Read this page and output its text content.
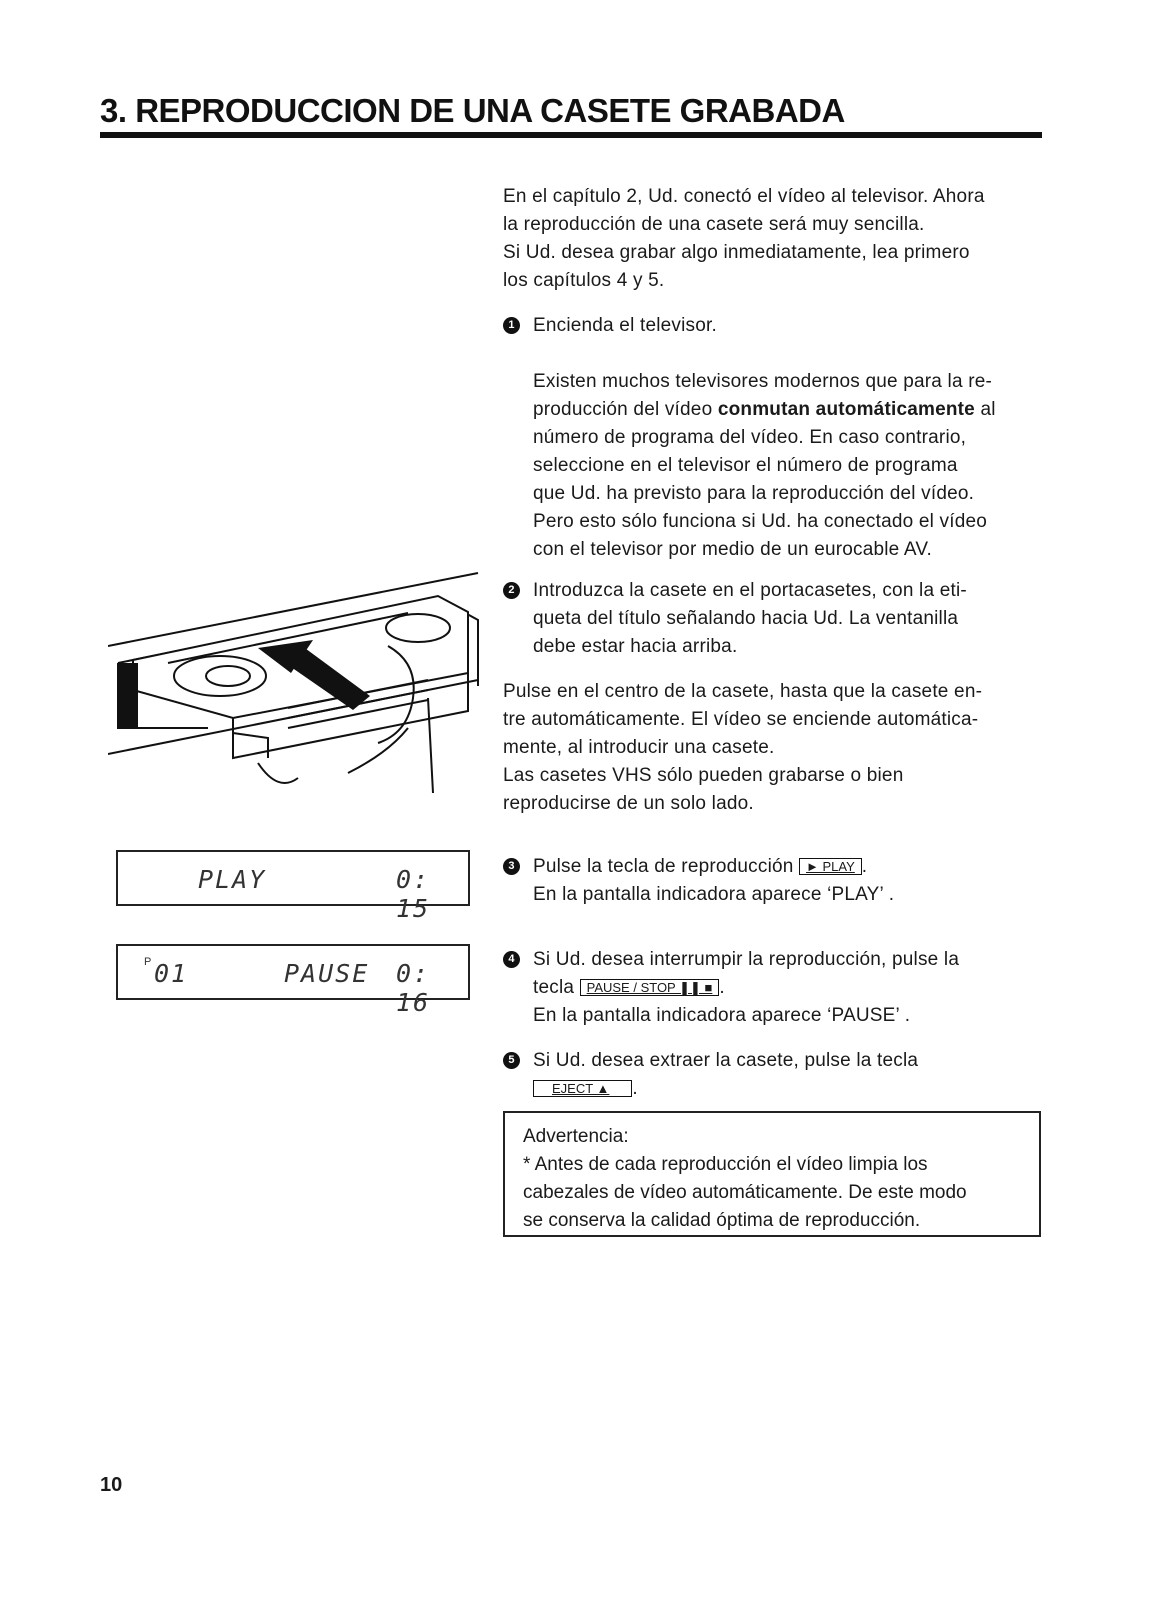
3. REPRODUCCION DE UNA CASETE GRABADA

En el capítulo 2, Ud. conectó el vídeo al televisor. Ahora

la reproducción de una casete será muy sencilla.

Si Ud. desea grabar algo inmediatamente, lea primero

los capítulos 4 y 5.

1 Encienda el televisor.

Existen muchos televisores modernos que para la re-

producción del vídeo conmutan automáticamente al

número de programa del vídeo. En caso contrario,

seleccione en el televisor el número de programa

que Ud. ha previsto para la reproducción del vídeo.

Pero esto sólo funciona si Ud. ha conectado el vídeo

con el televisor por medio de un eurocable AV.

2 Introduzca la casete en el portacasetes, con la eti-

queta del título señalando hacia Ud. La ventanilla

debe estar hacia arriba.

Pulse en el centro de la casete, hasta que la casete en-

tre automáticamente. El vídeo se enciende automática-

mente, al introducir una casete.

Las casetes VHS sólo pueden grabarse o bien

reproducirse de un solo lado.

3 Pulse la tecla de reproducción ► PLAY .

En la pantalla indicadora aparece ‘PLAY’ .

4 Si Ud. desea interrumpir la reproducción, pulse la

tecla PAUSE / STOP ❚❚ ■ .

En la pantalla indicadora aparece ‘PAUSE’ .

5 Si Ud. desea extraer la casete, pulse la tecla

EJECT ▲ .

Advertencia:
* Antes de cada reproducción el vídeo limpia los
cabezales de vídeo automáticamente. De este modo
se conserva la calidad óptima de reproducción.
PLAY	0: 15
P 01	PAUSE 0: 16
10
